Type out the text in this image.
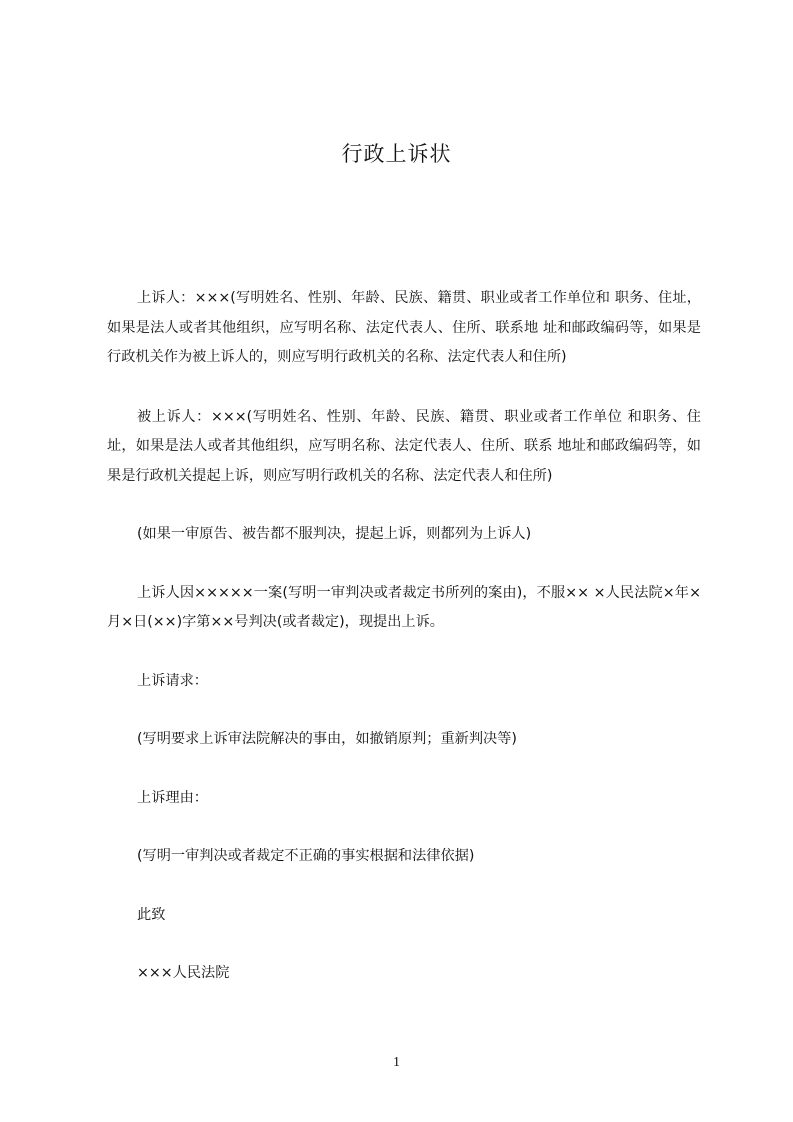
行政上诉状

上诉人：×××(写明姓名、性别、年龄、民族、籍贯、职业或者工作单位和 职务、住址，如果是法人或者其他组织，应写明名称、法定代表人、住所、联系地 址和邮政编码等，如果是行政机关作为被上诉人的，则应写明行政机关的名称、法定代表人和住所)

被上诉人：×××(写明姓名、性别、年龄、民族、籍贯、职业或者工作单位 和职务、住址，如果是法人或者其他组织，应写明名称、法定代表人、住所、联系 地址和邮政编码等，如果是行政机关提起上诉，则应写明行政机关的名称、法定代表人和住所)

(如果一审原告、被告都不服判决，提起上诉，则都列为上诉人)

上诉人因×××××一案(写明一审判决或者裁定书所列的案由)，不服×× ×人民法院×年×月×日(××)字第××号判决(或者裁定)，现提出上诉。

上诉请求：

(写明要求上诉审法院解决的事由，如撤销原判；重新判决等)

上诉理由：

(写明一审判决或者裁定不正确的事实根据和法律依据)

此致

×××人民法院

1
